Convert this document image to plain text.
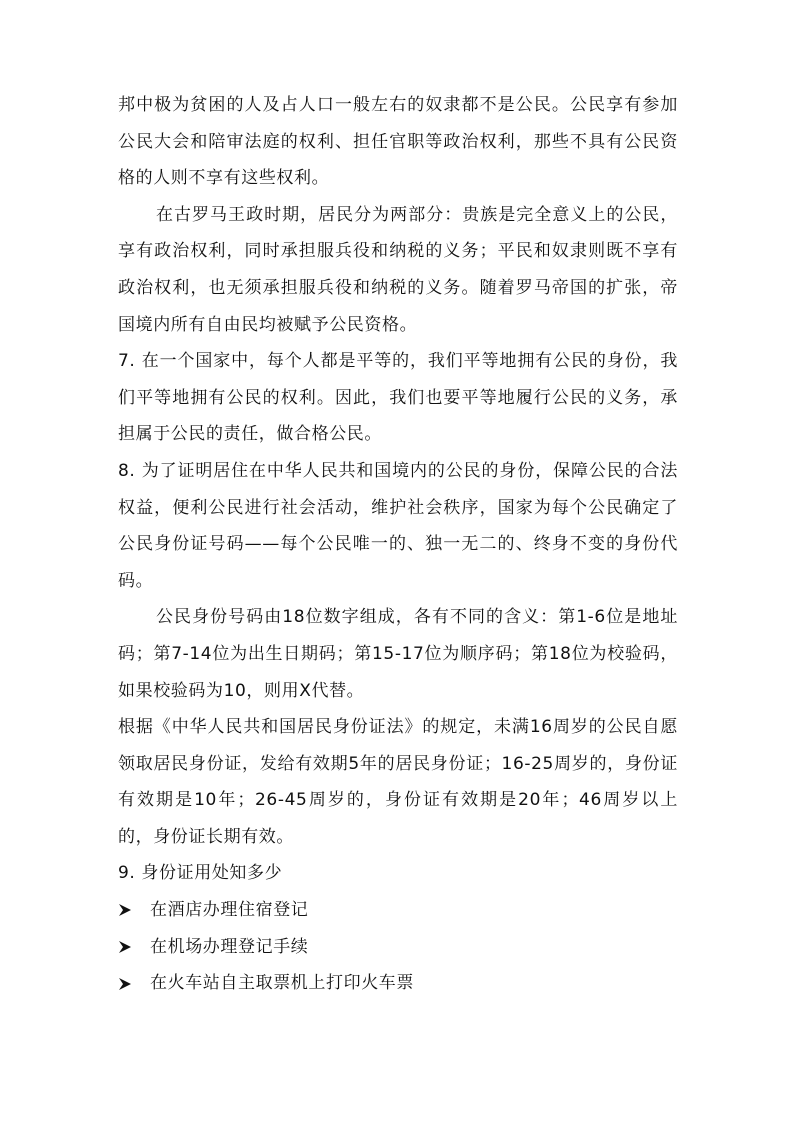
邦中极为贫困的人及占人口一般左右的奴隶都不是公民。公民享有参加公民大会和陪审法庭的权利、担任官职等政治权利，那些不具有公民资格的人则不享有这些权利。

在古罗马王政时期，居民分为两部分：贵族是完全意义上的公民，享有政治权利，同时承担服兵役和纳税的义务；平民和奴隶则既不享有政治权利，也无须承担服兵役和纳税的义务。随着罗马帝国的扩张，帝国境内所有自由民均被赋予公民资格。

7. 在一个国家中，每个人都是平等的，我们平等地拥有公民的身份，我们平等地拥有公民的权利。因此，我们也要平等地履行公民的义务，承担属于公民的责任，做合格公民。

8. 为了证明居住在中华人民共和国境内的公民的身份，保障公民的合法权益，便利公民进行社会活动，维护社会秩序，国家为每个公民确定了公民身份证号码——每个公民唯一的、独一无二的、终身不变的身份代码。

公民身份号码由18位数字组成，各有不同的含义：第1-6位是地址码；第7-14位为出生日期码；第15-17位为顺序码；第18位为校验码，如果校验码为10，则用X代替。

根据《中华人民共和国居民身份证法》的规定，未满16周岁的公民自愿领取居民身份证，发给有效期5年的居民身份证；16-25周岁的，身份证有效期是10年；26-45周岁的，身份证有效期是20年；46周岁以上的，身份证长期有效。

9. 身份证用处知多少

在酒店办理住宿登记
在机场办理登记手续
在火车站自主取票机上打印火车票
